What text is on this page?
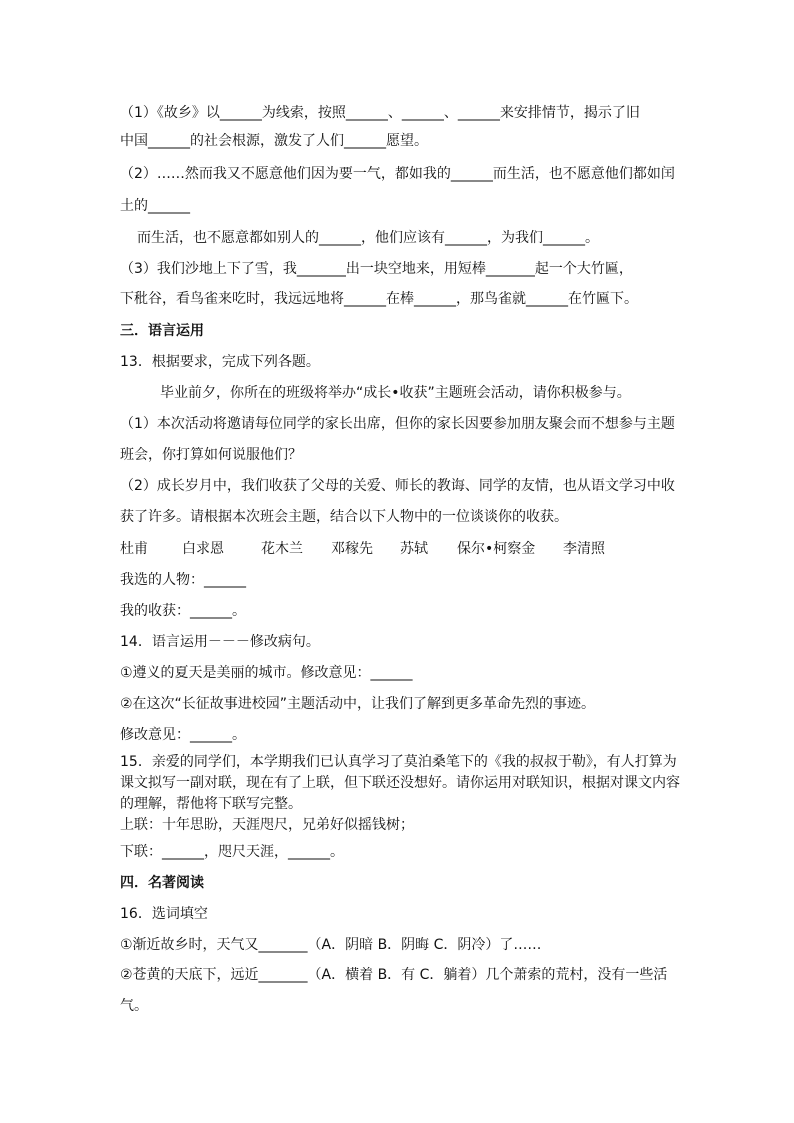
（1）《故乡》以______为线索，按照______、______、______来安排情节，揭示了旧
中国______的社会根源，激发了人们______愿望。
（2）……然而我又不愿意他们因为要一气，都如我的______而生活，也不愿意他们都如闰
土的______
而生活，也不愿意都如别人的______，他们应该有______，为我们______。
（3）我们沙地上下了雪，我_______出一块空地来，用短棒_______起一个大竹匾，
下秕谷，看鸟雀来吃时，我远远地将______在棒______，那鸟雀就______在竹匾下。
三．语言运用
13．根据要求，完成下列各题。
毕业前夕，你所在的班级将举办“成长•收获”主题班会活动，请你积极参与。
（1）本次活动将邀请每位同学的家长出席，但你的家长因要参加朋友聚会而不想参与主题
班会，你打算如何说服他们？
（2）成长岁月中，我们收获了父母的关爱、师长的教诲、同学的友情，也从语文学习中收
获了许多。请根据本次班会主题，结合以下人物中的一位谈谈你的收获。
杜甫 白求恩	花木兰 邓稼先 苏轼 保尔•柯察金 李清照
我选的人物：______
我的收获：______。
14．语言运用－－－修改病句。
①遵义的夏天是美丽的城市。修改意见：______
②在这次“长征故事进校园”主题活动中，让我们了解到更多革命先烈的事迹。
修改意见：______。
15．亲爱的同学们，本学期我们已认真学习了莫泊桑笔下的《我的叔叔于勒》，有人打算为
课文拟写一副对联，现在有了上联，但下联还没想好。请你运用对联知识，根据对课文内容
的理解，帮他将下联写完整。
上联：十年思盼，天涯咫尺，兄弟好似摇钱树；
下联：______，咫尺天涯，______。
四．名著阅读
16．选词填空
①渐近故乡时，天气又_______（A．阴暗 B．阴晦 C．阴冷）了……
②苍黄的天底下，远近_______（A．横着 B．有 C．躺着）几个萧索的荒村，没有一些活
气。
